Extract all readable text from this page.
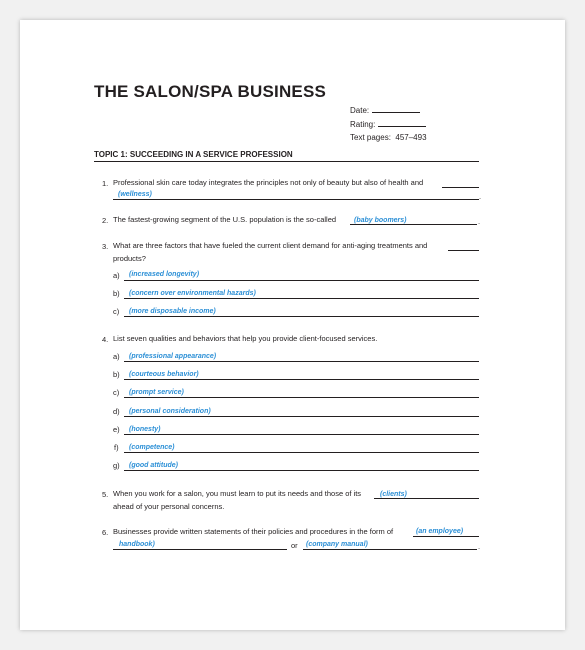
THE SALON/SPA BUSINESS
Date:
Rating:
Text pages: 457–493
TOPIC 1: SUCCEEDING IN A SERVICE PROFESSION
1. Professional skin care today integrates the principles not only of beauty but also of health and
(wellness)	.
2. The fastest-growing segment of the U.S. population is the so-called	(baby boomers)	.
3. What are three factors that have fueled the current client demand for anti-aging treatments and
products?
a) (increased longevity)
b) (concern over environmental hazards)
c) (more disposable income)
4. List seven qualities and behaviors that help you provide client-focused services.
a) (professional appearance)
b) (courteous behavior)
c) (prompt service)
d) (personal consideration)
e) (honesty)
f) (competence)
g) (good attitude)
5. When you work for a salon, you must learn to put its needs and those of its	(clients)
ahead of your personal concerns.
6. Businesses provide written statements of their policies and procedures in the form of	(an employee)
handbook)	or (company manual)	.
